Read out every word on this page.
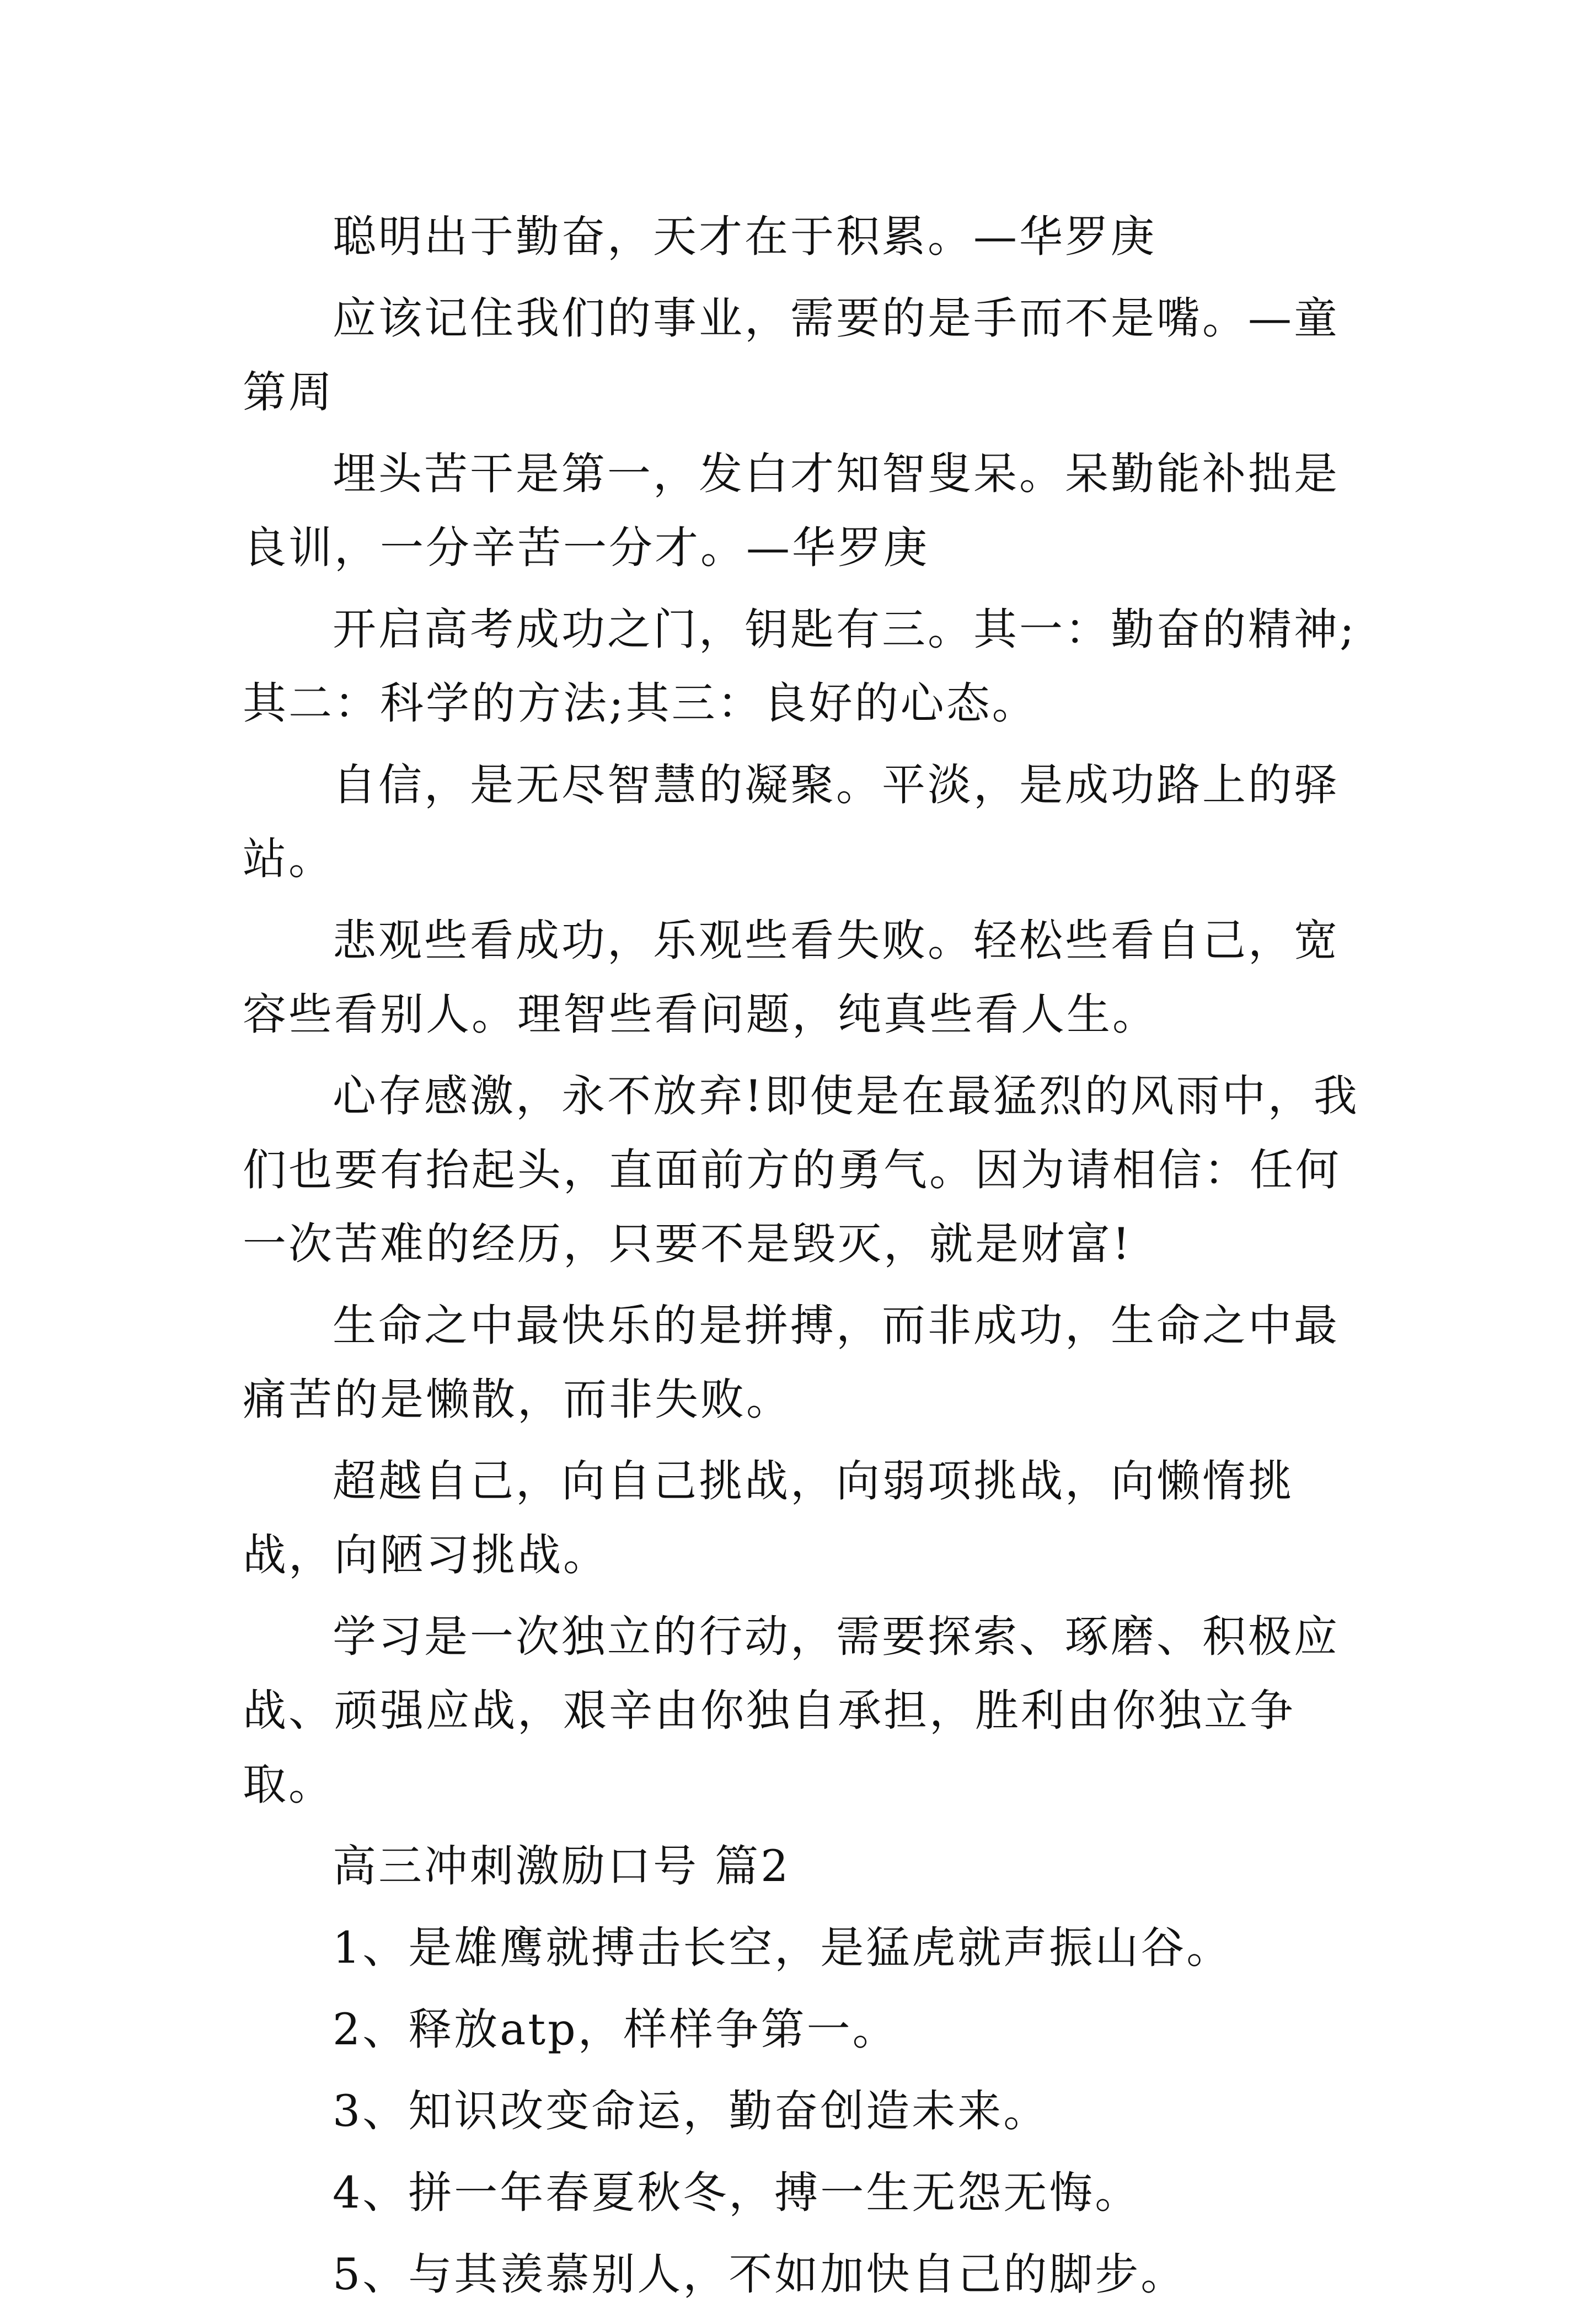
聪明出于勤奋，天才在于积累。—华罗庚

应该记住我们的事业，需要的是手而不是嘴。—童第周

埋头苦干是第一，发白才知智叟呆。呆勤能补拙是良训，一分辛苦一分才。—华罗庚

开启高考成功之门，钥匙有三。其一：勤奋的精神;其二：科学的方法;其三：良好的心态。

自信，是无尽智慧的凝聚。平淡，是成功路上的驿站。

悲观些看成功，乐观些看失败。轻松些看自己，宽容些看别人。理智些看问题，纯真些看人生。

心存感激，永不放弃!即使是在最猛烈的风雨中，我们也要有抬起头，直面前方的勇气。因为请相信：任何一次苦难的经历，只要不是毁灭，就是财富!

生命之中最快乐的是拼搏，而非成功，生命之中最痛苦的是懒散，而非失败。

超越自己，向自己挑战，向弱项挑战，向懒惰挑战，向陋习挑战。

学习是一次独立的行动，需要探索、琢磨、积极应战、顽强应战，艰辛由你独自承担，胜利由你独立争取。

高三冲刺激励口号 篇2

1、是雄鹰就搏击长空，是猛虎就声振山谷。

2、释放atp，样样争第一。

3、知识改变命运，勤奋创造未来。

4、拼一年春夏秋冬，搏一生无怨无悔。

5、与其羡慕别人，不如加快自己的脚步。
